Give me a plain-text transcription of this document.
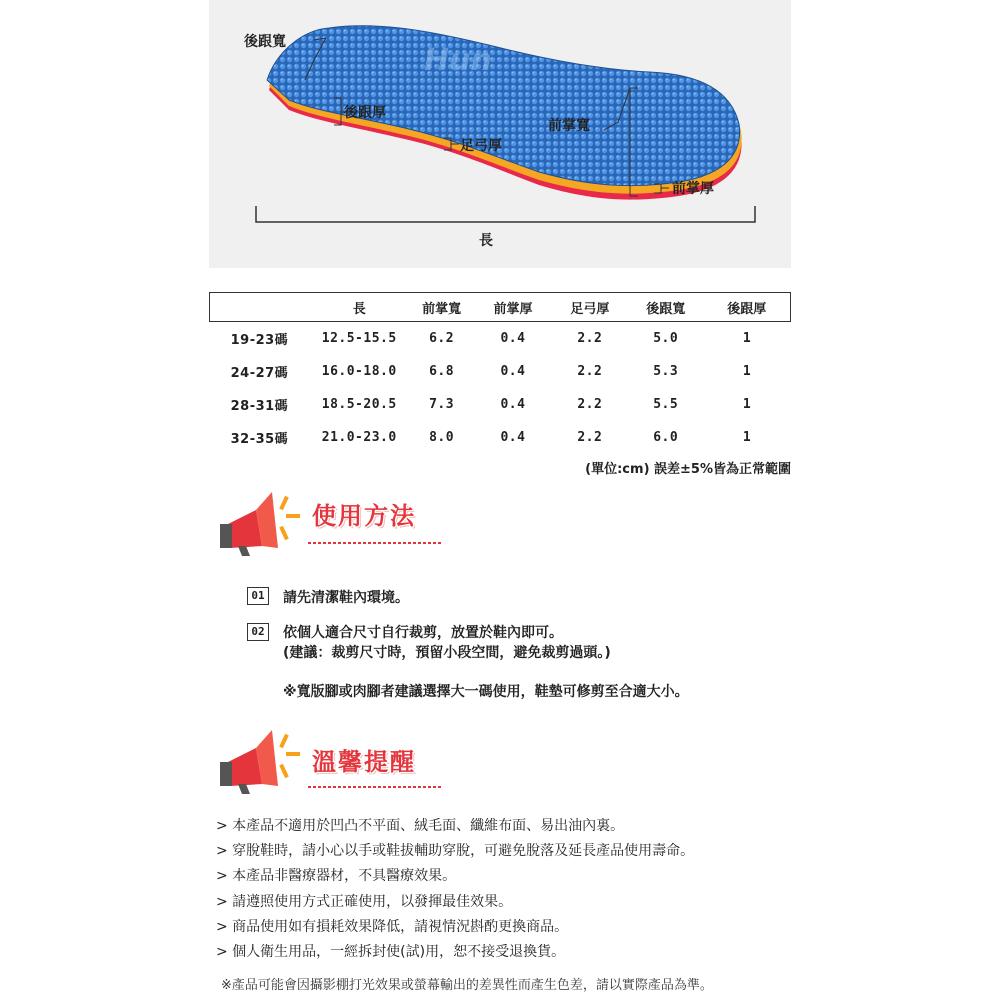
Hun
後跟寬
後跟厚
足弓厚
前掌寬
前掌厚
長
	長	前掌寬	前掌厚	足弓厚	後跟寬	後跟厚
19-23碼	12.5-15.5	6.2	0.4	2.2	5.0	1
24-27碼	16.0-18.0	6.8	0.4	2.2	5.3	1
28-31碼	18.5-20.5	7.3	0.4	2.2	5.5	1
32-35碼	21.0-23.0	8.0	0.4	2.2	6.0	1
(單位:cm) 誤差±5%皆為正常範圍
使用方法
01	請先清潔鞋內環境。
02	依個人適合尺寸自行裁剪，放置於鞋內即可。
(建議：裁剪尺寸時，預留小段空間，避免裁剪過頭。)
※寬版腳或肉腳者建議選擇大一碼使用，鞋墊可修剪至合適大小。
溫馨提醒
> 本產品不適用於凹凸不平面、絨毛面、纖維布面、易出油內裏。
> 穿脫鞋時，請小心以手或鞋拔輔助穿脫，可避免脫落及延長產品使用壽命。
> 本產品非醫療器材，不具醫療效果。
> 請遵照使用方式正確使用，以發揮最佳效果。
> 商品使用如有損耗效果降低，請視情況斟酌更換商品。
> 個人衛生用品，一經拆封使(試)用，恕不接受退換貨。
※產品可能會因攝影棚打光效果或螢幕輸出的差異性而產生色差，請以實際產品為準。
